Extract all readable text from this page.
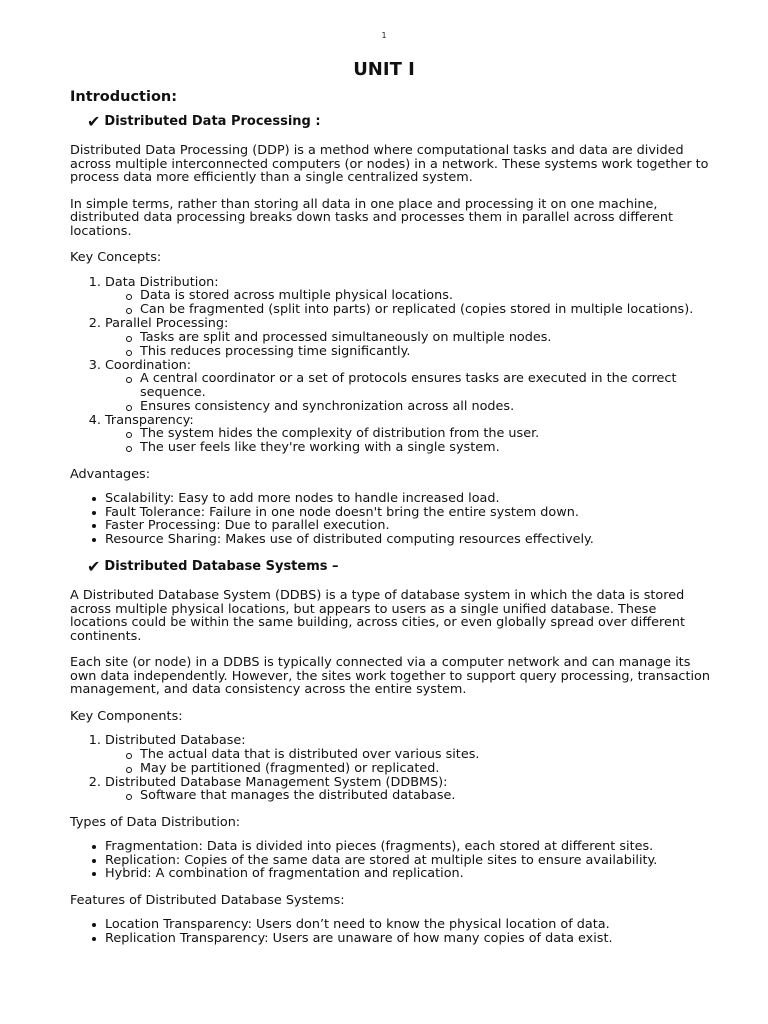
1
UNIT I
Introduction:
✔ Distributed Data Processing :

Distributed Data Processing (DDP) is a method where computational tasks and data are divided across multiple interconnected computers (or nodes) in a network. These systems work together to process data more efficiently than a single centralized system.

In simple terms, rather than storing all data in one place and processing it on one machine, distributed data processing breaks down tasks and processes them in parallel across different locations.

Key Concepts:
1. Data Distribution:
Data is stored across multiple physical locations.
Can be fragmented (split into parts) or replicated (copies stored in multiple locations).
2. Parallel Processing:
Tasks are split and processed simultaneously on multiple nodes.
This reduces processing time significantly.
3. Coordination:
A central coordinator or a set of protocols ensures tasks are executed in the correct sequence.
Ensures consistency and synchronization across all nodes.
4. Transparency:
The system hides the complexity of distribution from the user.
The user feels like they're working with a single system.
Advantages:
Scalability: Easy to add more nodes to handle increased load.
Fault Tolerance: Failure in one node doesn't bring the entire system down.
Faster Processing: Due to parallel execution.
Resource Sharing: Makes use of distributed computing resources effectively.
✔ Distributed Database Systems –

A Distributed Database System (DDBS) is a type of database system in which the data is stored across multiple physical locations, but appears to users as a single unified database. These locations could be within the same building, across cities, or even globally spread over different continents.

Each site (or node) in a DDBS is typically connected via a computer network and can manage its own data independently. However, the sites work together to support query processing, transaction management, and data consistency across the entire system.

Key Components:
1. Distributed Database:
The actual data that is distributed over various sites.
May be partitioned (fragmented) or replicated.
2. Distributed Database Management System (DDBMS):
Software that manages the distributed database.
Types of Data Distribution:
Fragmentation: Data is divided into pieces (fragments), each stored at different sites.
Replication: Copies of the same data are stored at multiple sites to ensure availability.
Hybrid: A combination of fragmentation and replication.
Features of Distributed Database Systems:
Location Transparency: Users don’t need to know the physical location of data.
Replication Transparency: Users are unaware of how many copies of data exist.
